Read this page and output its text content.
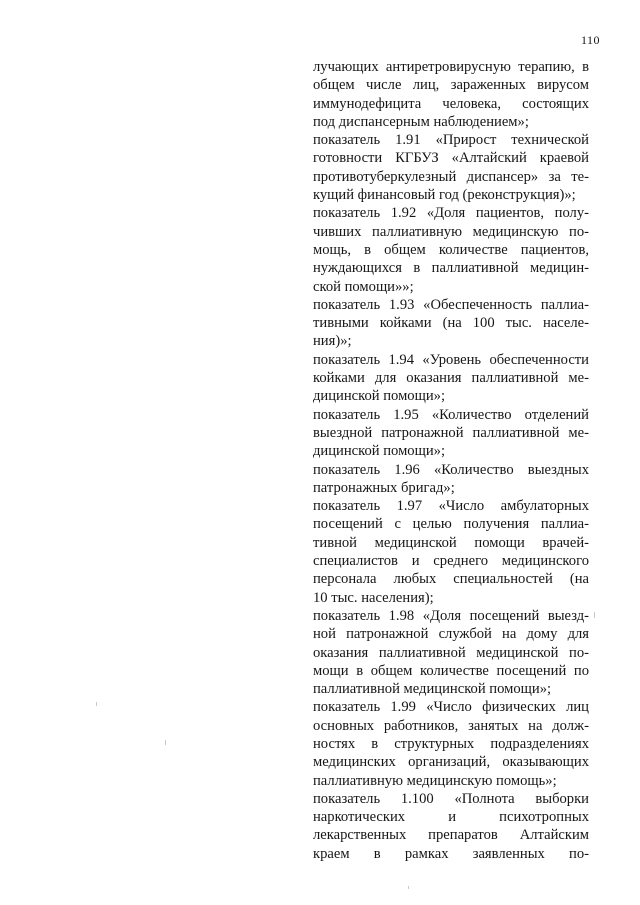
110
лучающих антиретровирусную терапию, в
общем числе лиц, зараженных вирусом
иммунодефицита человека, состоящих
под диспансерным наблюдением»;
показатель 1.91 «Прирост технической
готовности КГБУЗ «Алтайский краевой
противотуберкулезный диспансер» за те-
кущий финансовый год (реконструкция)»;
показатель 1.92 «Доля пациентов, полу-
чивших паллиативную медицинскую по-
мощь, в общем количестве пациентов,
нуждающихся в паллиативной медицин-
ской помощи»»;
показатель 1.93 «Обеспеченность паллиа-
тивными койками (на 100 тыс. населе-
ния)»;
показатель 1.94 «Уровень обеспеченности
койками для оказания паллиативной ме-
дицинской помощи»;
показатель 1.95 «Количество отделений
выездной патронажной паллиативной ме-
дицинской помощи»;
показатель 1.96 «Количество выездных
патронажных бригад»;
показатель 1.97 «Число амбулаторных
посещений с целью получения паллиа-
тивной медицинской помощи врачей-
специалистов и среднего медицинского
персонала любых специальностей (на
10 тыс. населения);
показатель 1.98 «Доля посещений выезд-
ной патронажной службой на дому для
оказания паллиативной медицинской по-
мощи в общем количестве посещений по
паллиативной медицинской помощи»;
показатель 1.99 «Число физических лиц
основных работников, занятых на долж-
ностях в структурных подразделениях
медицинских организаций, оказывающих
паллиативную медицинскую помощь»;
показатель 1.100 «Полнота выборки
наркотических и психотропных
лекарственных препаратов Алтайским
краем в рамках заявленных по-
